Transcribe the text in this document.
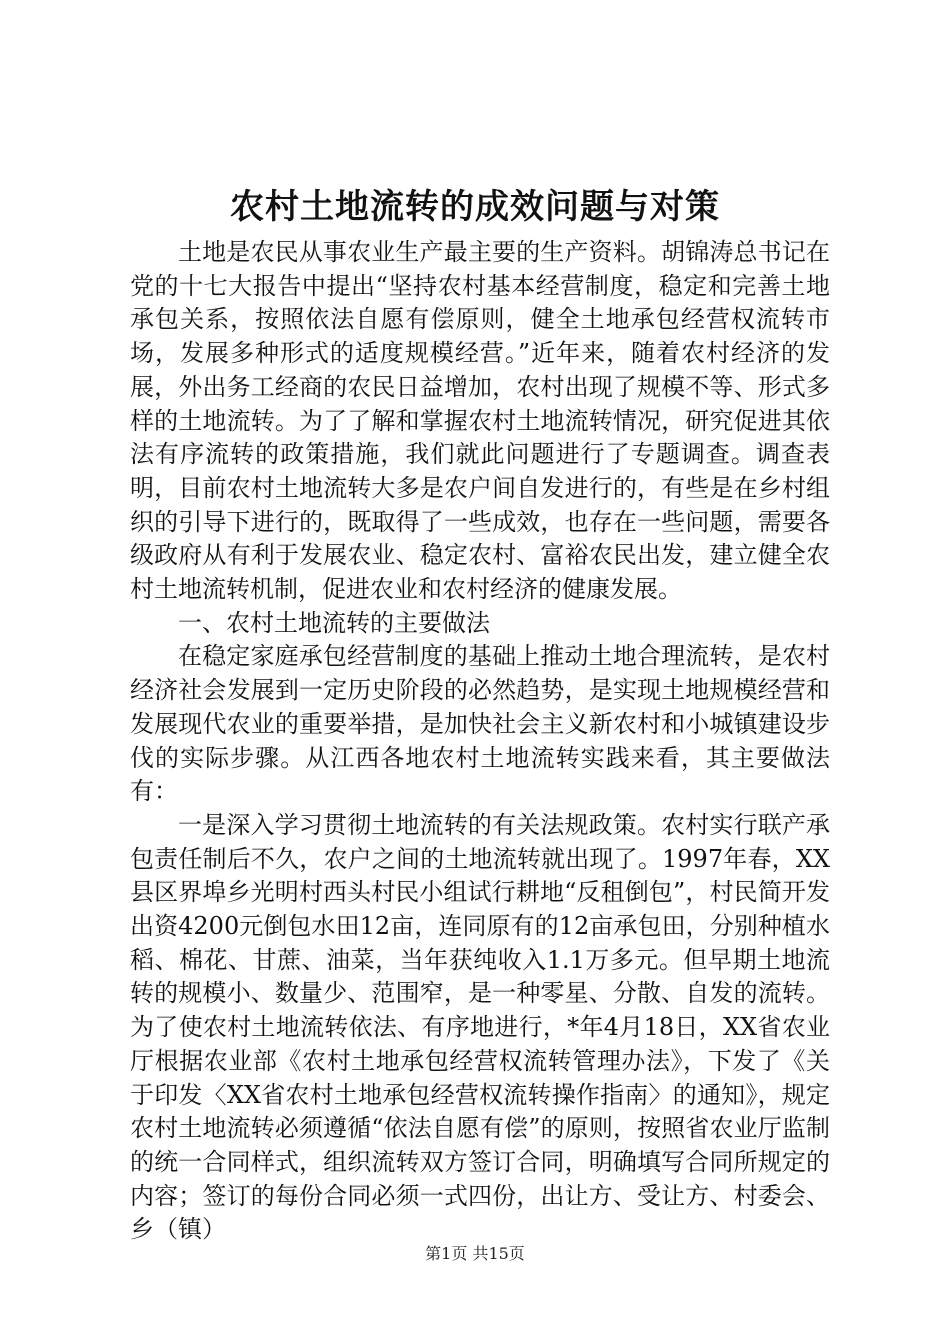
农村土地流转的成效问题与对策

土地是农民从事农业生产最主要的生产资料。胡锦涛总书记在党的十七大报告中提出“坚持农村基本经营制度，稳定和完善土地承包关系，按照依法自愿有偿原则，健全土地承包经营权流转市场，发展多种形式的适度规模经营。”近年来，随着农村经济的发展，外出务工经商的农民日益增加，农村出现了规模不等、形式多样的土地流转。为了了解和掌握农村土地流转情况，研究促进其依法有序流转的政策措施，我们就此问题进行了专题调查。调查表明，目前农村土地流转大多是农户间自发进行的，有些是在乡村组织的引导下进行的，既取得了一些成效，也存在一些问题，需要各级政府从有利于发展农业、稳定农村、富裕农民出发，建立健全农村土地流转机制，促进农业和农村经济的健康发展。

一、农村土地流转的主要做法

在稳定家庭承包经营制度的基础上推动土地合理流转，是农村经济社会发展到一定历史阶段的必然趋势，是实现土地规模经营和发展现代农业的重要举措，是加快社会主义新农村和小城镇建设步伐的实际步骤。从江西各地农村土地流转实践来看，其主要做法有：

一是深入学习贯彻土地流转的有关法规政策。农村实行联产承包责任制后不久，农户之间的土地流转就出现了。1997年春，XX县区界埠乡光明村西头村民小组试行耕地“反租倒包”，村民简开发出资4200元倒包水田12亩，连同原有的12亩承包田，分别种植水稻、棉花、甘蔗、油菜，当年获纯收入1.1万多元。但早期土地流转的规模小、数量少、范围窄，是一种零星、分散、自发的流转。为了使农村土地流转依法、有序地进行，*年4月18日，XX省农业厅根据农业部《农村土地承包经营权流转管理办法》，下发了《关于印发〈XX省农村土地承包经营权流转操作指南〉的通知》，规定农村土地流转必须遵循“依法自愿有偿”的原则，按照省农业厅监制的统一合同样式，组织流转双方签订合同，明确填写合同所规定的内容；签订的每份合同必须一式四份，出让方、受让方、村委会、乡（镇）

第1页 共15页
